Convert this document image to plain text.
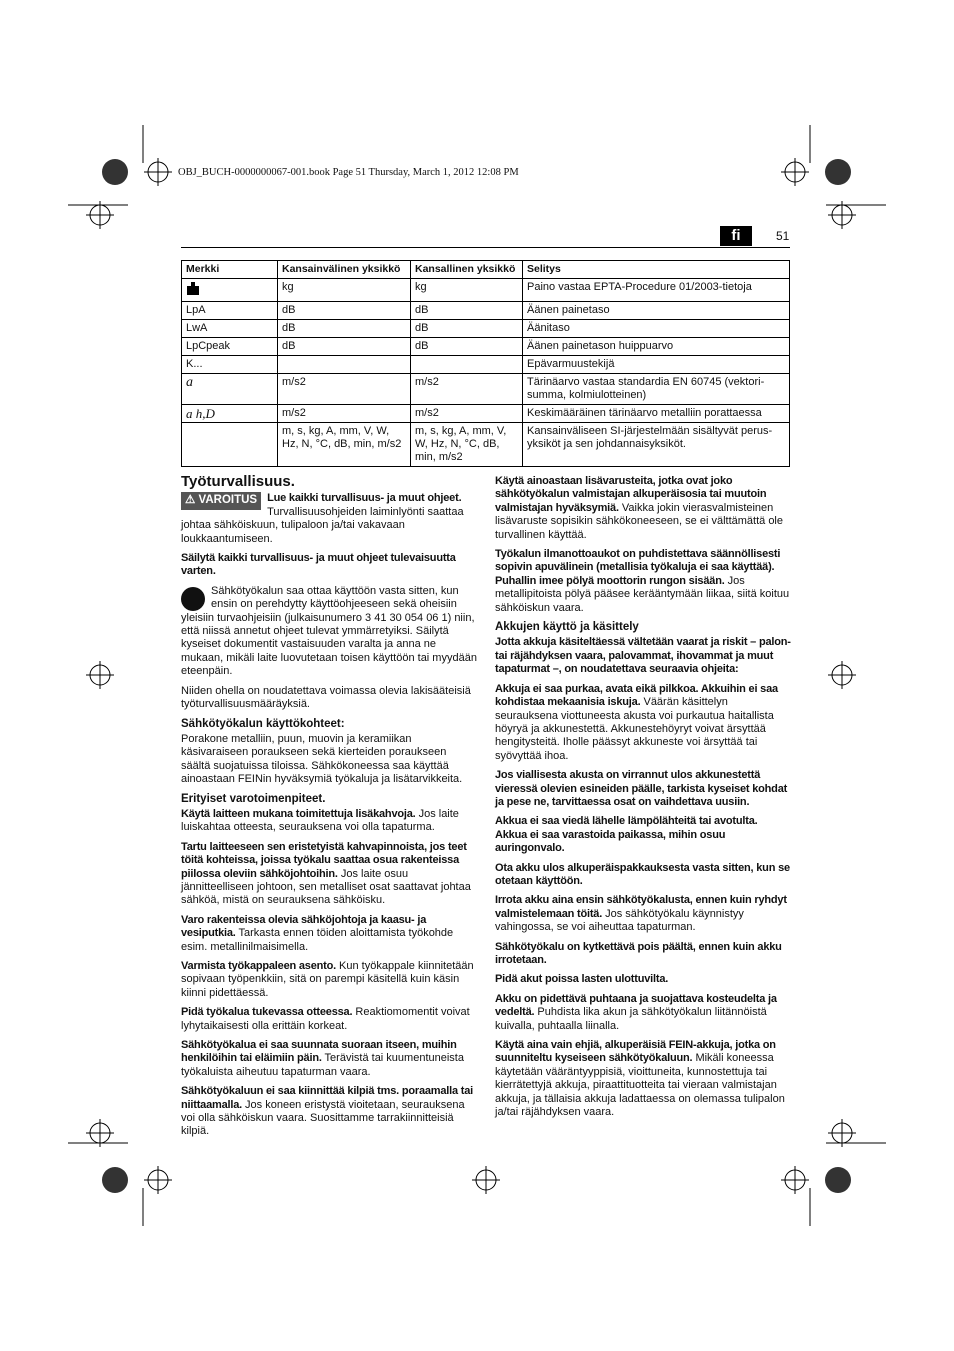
OBJ_BUCH-0000000067-001.book Page 51 Thursday, March 1, 2012 12:08 PM
fi	51
Merkki	Kansainvälinen yksikkö	Kansallinen yksikkö	Selitys
	kg	kg	Paino vastaa EPTA-Procedure 01/2003-tietoja
LpA	dB	dB	Äänen painetaso
LwA	dB	dB	Äänitaso
LpCpeak	dB	dB	Äänen painetason huippuarvo
K...			Epävarmuustekijä
a	m/s2	m/s2	Tärinäarvo vastaa standardia EN 60745 (vektori-summa, kolmiulotteinen)
a h,D	m/s2	m/s2	Keskimääräinen tärinäarvo metalliin porattaessa
	m, s, kg, A, mm, V, W, Hz, N, °C, dB, min, m/s2	m, s, kg, A, mm, V, W, Hz, N, °C, dB, min, m/s2	Kansainväliseen SI-järjestelmään sisältyvät perus-yksiköt ja sen johdannaisyksiköt.
Työturvallisuus.

⚠ VAROITUS Lue kaikki turvallisuus- ja muut ohjeet. Turvallisuusohjeiden laiminlyönti saattaa johtaa sähköiskuun, tulipaloon ja/tai vakavaan loukkaantumiseen.

Säilytä kaikki turvallisuus- ja muut ohjeet tulevaisuutta varten.

Sähkötyökalun saa ottaa käyttöön vasta sitten, kun ensin on perehdytty käyttöohjeeseen sekä oheisiin yleisiin turvaohjeisiin (julkaisunumero 3 41 30 054 06 1) niin, että niissä annetut ohjeet tulevat ymmärretyiksi. Säilytä kyseiset dokumentit vastaisuuden varalta ja anna ne mukaan, mikäli laite luovutetaan toisen käyttöön tai myydään eteenpäin.

Niiden ohella on noudatettava voimassa olevia lakisääteisiä työturvallisuusmääräyksiä.

Sähkötyökalun käyttökohteet:

Porakone metalliin, puun, muovin ja keramiikan käsivaraiseen poraukseen sekä kierteiden poraukseen säältä suojatuissa tiloissa. Sähkökoneessa saa käyttää ainoastaan FEINin hyväksymiä työkaluja ja lisätarvikkeita.

Erityiset varotoimenpiteet.

Käytä laitteen mukana toimitettuja lisäkahvoja. Jos laite luiskahtaa otteesta, seurauksena voi olla tapaturma.

Tartu laitteeseen sen eristetyistä kahvapinnoista, jos teet töitä kohteissa, joissa työkalu saattaa osua rakenteissa piilossa oleviin sähköjohtoihin. Jos laite osuu jännitteelliseen johtoon, sen metalliset osat saattavat johtaa sähköä, mistä on seurauksena sähköisku.

Varo rakenteissa olevia sähköjohtoja ja kaasu- ja vesiputkia. Tarkasta ennen töiden aloittamista työkohde esim. metallinilmaisimella.

Varmista työkappaleen asento. Kun työkappale kiinnitetään sopivaan työpenkkiin, sitä on parempi käsitellä kuin käsin kiinni pidettäessä.

Pidä työkalua tukevassa otteessa. Reaktiomomentit voivat lyhytaikaisesti olla erittäin korkeat.

Sähkötyökalua ei saa suunnata suoraan itseen, muihin henkilöihin tai eläimiin päin. Terävistä tai kuumentuneista työkaluista aiheutuu tapaturman vaara.

Sähkötyökaluun ei saa kiinnittää kilpiä tms. poraamalla tai niittaamalla. Jos koneen eristystä vioitetaan, seurauksena voi olla sähköiskun vaara. Suosittamme tarrakiinnitteisiä kilpiä.

Käytä ainoastaan lisävarusteita, jotka ovat joko sähkötyökalun valmistajan alkuperäisosia tai muutoin valmistajan hyväksymiä. Vaikka jokin vierasvalmisteinen lisävaruste sopisikin sähkökoneeseen, se ei välttämättä ole turvallinen käyttää.

Työkalun ilmanottoaukot on puhdistettava säännöllisesti sopivin apuvälinein (metallisia työkaluja ei saa käyttää). Puhallin imee pölyä moottorin rungon sisään. Jos metallipitoista pölyä pääsee kerääntymään liikaa, siitä koituu sähköiskun vaara.

Akkujen käyttö ja käsittely

Jotta akkuja käsiteltäessä vältetään vaarat ja riskit – palon- tai räjähdyksen vaara, palovammat, ihovammat ja muut tapaturmat –, on noudatettava seuraavia ohjeita:

Akkuja ei saa purkaa, avata eikä pilkkoa. Akkuihin ei saa kohdistaa mekaanisia iskuja. Väärän käsittelyn seurauksena viottuneesta akusta voi purkautua haitallista höyryä ja akkunestettä. Akkunestehöyryt voivat ärsyttää hengitysteitä. Iholle päässyt akkuneste voi ärsyttää tai syövyttää ihoa.

Jos viallisesta akusta on virrannut ulos akkunestettä vieressä olevien esineiden päälle, tarkista kyseiset kohdat ja pese ne, tarvittaessa osat on vaihdettava uusiin.

Akkua ei saa viedä lähelle lämpölähteitä tai avotulta. Akkua ei saa varastoida paikassa, mihin osuu auringonvalo.

Ota akku ulos alkuperäispakkauksesta vasta sitten, kun se otetaan käyttöön.

Irrota akku aina ensin sähkötyökalusta, ennen kuin ryhdyt valmistelemaan töitä. Jos sähkötyökalu käynnistyy vahingossa, se voi aiheuttaa tapaturman.

Sähkötyökalu on kytkettävä pois päältä, ennen kuin akku irrotetaan.

Pidä akut poissa lasten ulottuvilta.

Akku on pidettävä puhtaana ja suojattava kosteudelta ja vedeltä. Puhdista lika akun ja sähkötyökalun liitännöistä kuivalla, puhtaalla liinalla.

Käytä aina vain ehjiä, alkuperäisiä FEIN-akkuja, jotka on suunniteltu kyseiseen sähkötyökaluun. Mikäli koneessa käytetään vääräntyyppisiä, vioittuneita, kunnostettuja tai kierrätettyjä akkuja, piraattituotteita tai vieraan valmistajan akkuja, ja tällaisia akkuja ladattaessa on olemassa tulipalon ja/tai räjähdyksen vaara.
